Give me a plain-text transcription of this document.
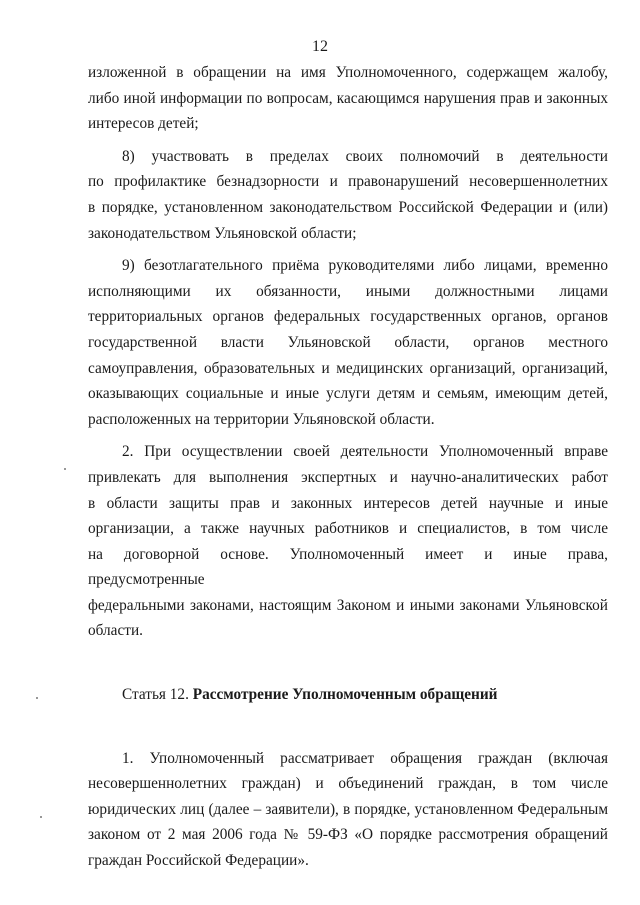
12

изложенной в обращении на имя Уполномоченного, содержащем жалобу,
либо иной информации по вопросам, касающимся нарушения прав и законных
интересов детей;

8) участвовать в пределах своих полномочий в деятельности
по профилактике безнадзорности и правонарушений несовершеннолетних
в порядке, установленном законодательством Российской Федерации и (или)
законодательством Ульяновской области;

9) безотлагательного приёма руководителями либо лицами, временно
исполняющими их обязанности, иными должностными лицами
территориальных органов федеральных государственных органов, органов
государственной власти Ульяновской области, органов местного
самоуправления, образовательных и медицинских организаций, организаций,
оказывающих социальные и иные услуги детям и семьям, имеющим детей,
расположенных на территории Ульяновской области.

2. При осуществлении своей деятельности Уполномоченный вправе
привлекать для выполнения экспертных и научно-аналитических работ
в области защиты прав и законных интересов детей научные и иные
организации, а также научных работников и специалистов, в том числе
на договорной основе. Уполномоченный имеет и иные права, предусмотренные
федеральными законами, настоящим Законом и иными законами Ульяновской
области.

Статья 12. Рассмотрение Уполномоченным обращений

1. Уполномоченный рассматривает обращения граждан (включая
несовершеннолетних граждан) и объединений граждан, в том числе
юридических лиц (далее – заявители), в порядке, установленном Федеральным
законом от 2 мая 2006 года № 59-ФЗ «О порядке рассмотрения обращений
граждан Российской Федерации».
